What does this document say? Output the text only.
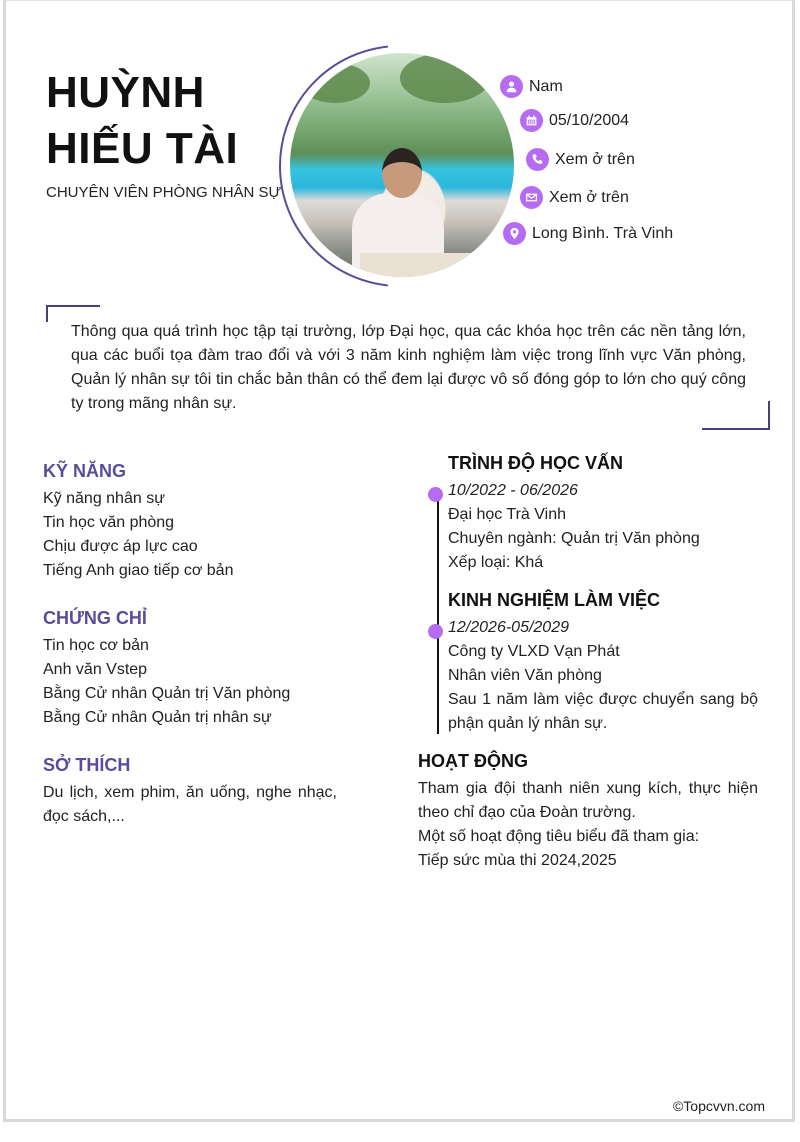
HUỲNH
HIẾU TÀI
CHUYÊN VIÊN PHÒNG NHÂN SỰ
Nam
05/10/2004
Xem ở trên
Xem ở trên
Long Bình. Trà Vinh
Thông qua quá trình học tập tại trường, lớp Đại học, qua các khóa học trên các nền tảng lớn, qua các buổi tọa đàm trao đổi và với 3 năm kinh nghiệm làm việc trong lĩnh vực Văn phòng, Quản lý nhân sự tôi tin chắc bản thân có thể đem lại được vô số đóng góp to lớn cho quý công ty trong mãng nhân sự.
KỸ NĂNG
Kỹ năng nhân sự
Tin học văn phòng
Chịu được áp lực cao
Tiếng Anh giao tiếp cơ bản
CHỨNG CHỈ
Tin học cơ bản
Anh văn Vstep
Bằng Cử nhân Quản trị Văn phòng
Bằng Cử nhân Quản trị nhân sự
SỞ THÍCH
Du lịch, xem phim, ăn uống, nghe nhạc, đọc sách,...
TRÌNH ĐỘ HỌC VẤN
10/2022 - 06/2026
Đại học Trà Vinh
Chuyên ngành: Quản trị Văn phòng
Xếp loại: Khá
KINH NGHIỆM LÀM VIỆC
12/2026-05/2029
Công ty VLXD Vạn Phát
Nhân viên Văn phòng
Sau 1 năm làm việc được chuyển sang bộ phận quản lý nhân sự.
HOẠT ĐỘNG
Tham gia đội thanh niên xung kích, thực hiện theo chỉ đạo của Đoàn trường.
Một số hoạt động tiêu biểu đã tham gia:
Tiếp sức mùa thi 2024,2025
©Topcvvn.com
